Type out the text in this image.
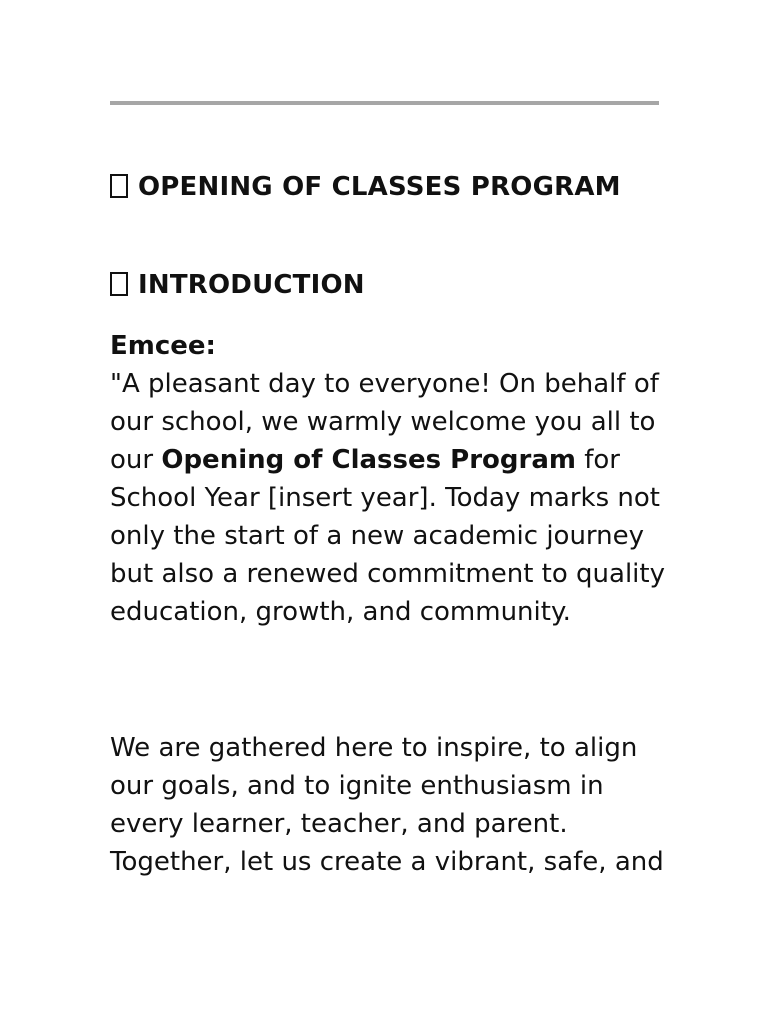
OPENING OF CLASSES PROGRAM
INTRODUCTION
Emcee:
"A pleasant day to everyone! On behalf of our school, we warmly welcome you all to our Opening of Classes Program for School Year [insert year]. Today marks not only the start of a new academic journey but also a renewed commitment to quality education, growth, and community.

We are gathered here to inspire, to align our goals, and to ignite enthusiasm in every learner, teacher, and parent. Together, let us create a vibrant, safe, and
